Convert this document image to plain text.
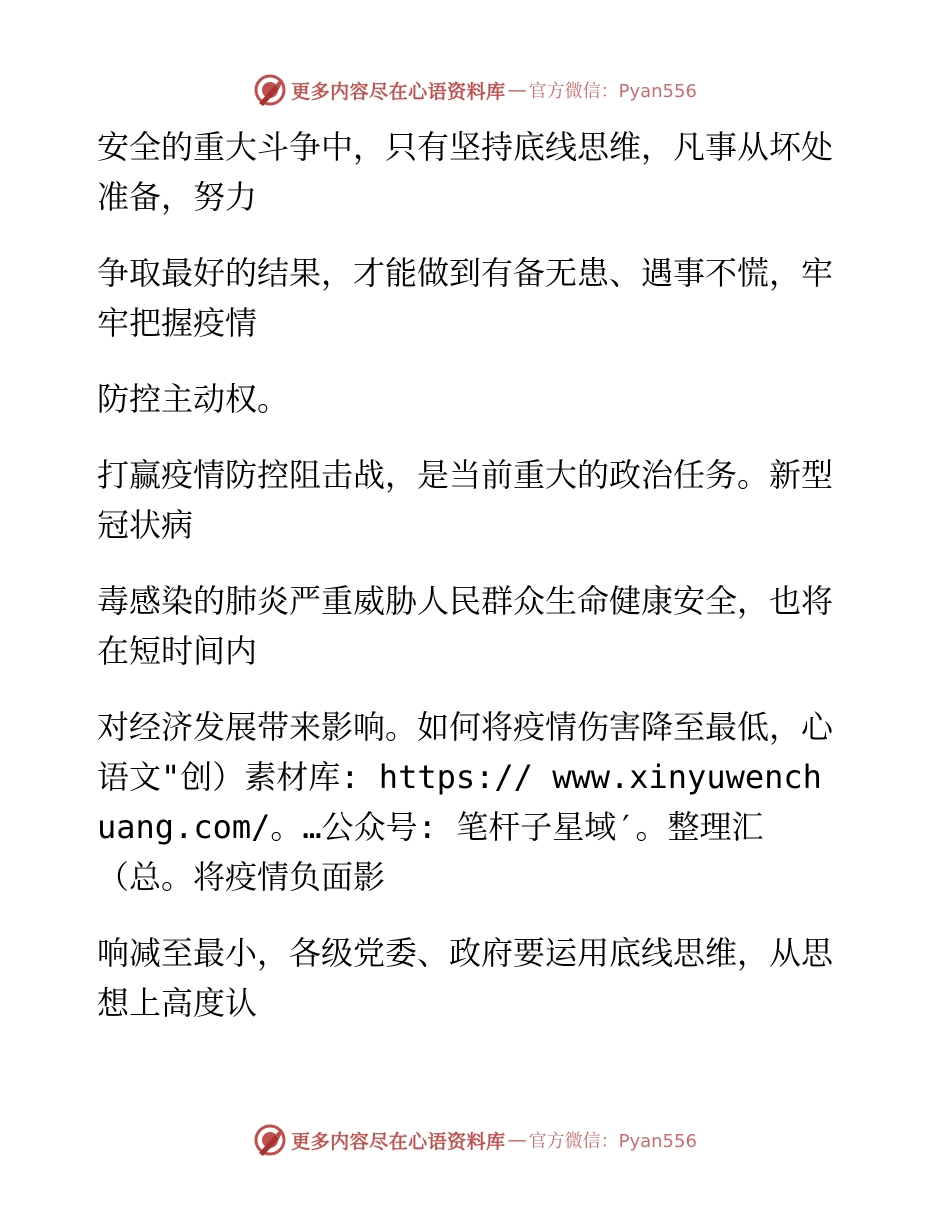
更多内容尽在心语资料库 — 官方微信：Pyan556

安全的重大斗争中，只有坚持底线思维，凡事从坏处准备，努力

争取最好的结果，才能做到有备无患、遇事不慌，牢牢把握疫情

防控主动权。

打赢疫情防控阻击战，是当前重大的政治任务。新型冠状病

毒感染的肺炎严重威胁人民群众生命健康安全，也将在短时间内

对经济发展带来影响。如何将疫情伤害降至最低，心语文"创）素材库: https:// www.xinyuwenchuang.com/。…公众号: 笔杆子星域′。整理汇（总。将疫情负面影

响减至最小，各级党委、政府要运用底线思维，从思想上高度认

更多内容尽在心语资料库 — 官方微信：Pyan556
